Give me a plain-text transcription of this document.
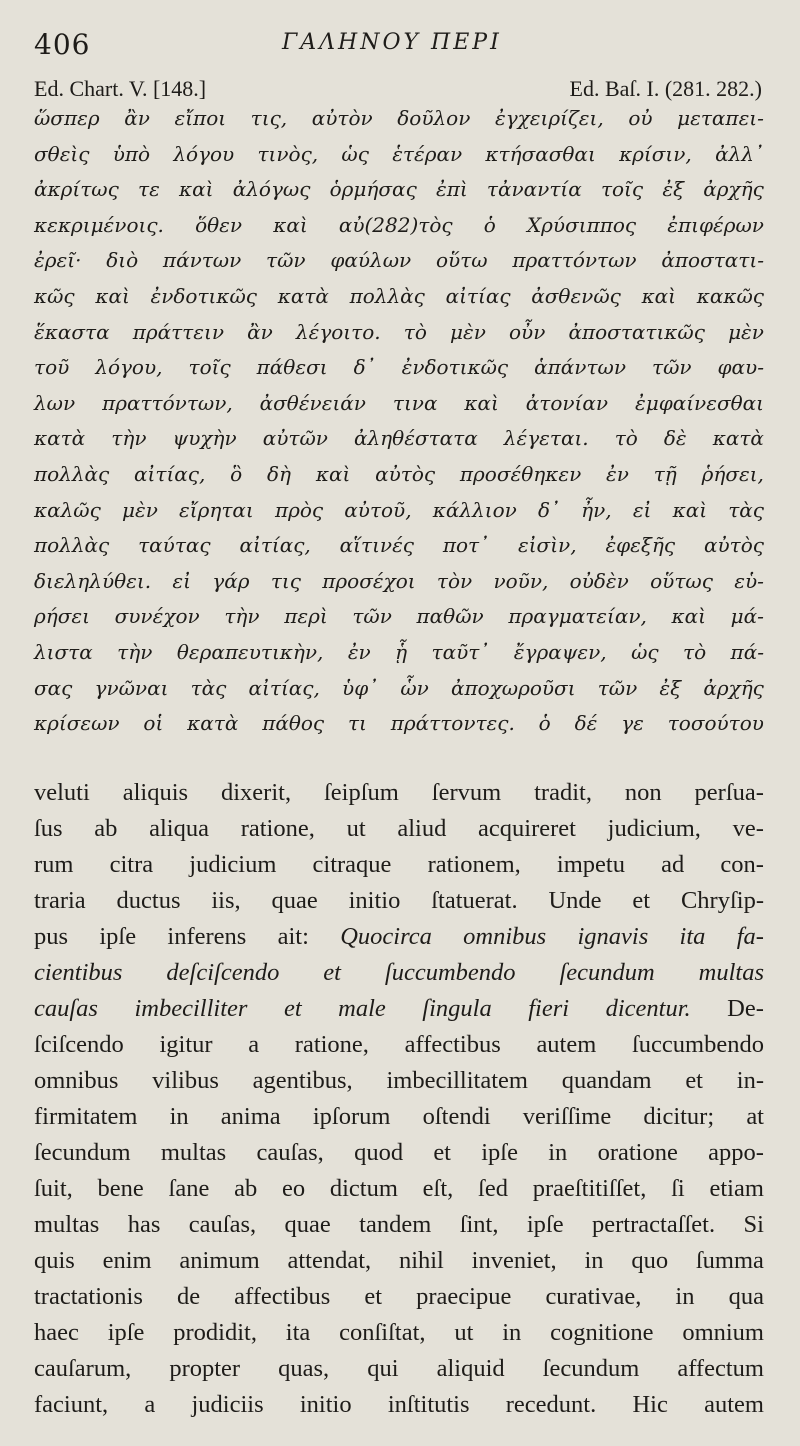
406	ΓΑΛΗΝΟΥ ΠΕΡΙ
Ed. Chart. V. [148.]	Ed. Baſ. I. (281. 282.)
ὥσπερ ἂν εἴποι τις, αὐτὸν δοῦλον ἐγχειρίζει, οὐ μεταπει-
σθεὶς ὑπὸ λόγου τινὸς, ὡς ἑτέραν κτήσασθαι κρίσιν, ἀλλ᾽
ἀκρίτως τε καὶ ἀλόγως ὁρμήσας ἐπὶ τἀναντία τοῖς ἐξ ἀρχῆς
κεκριμένοις. ὅθεν καὶ αὐ(282)τὸς ὁ Χρύσιππος ἐπιφέρων
ἐρεῖ· διὸ πάντων τῶν φαύλων οὕτω πραττόντων ἀποστατι-
κῶς καὶ ἐνδοτικῶς κατὰ πολλὰς αἰτίας ἀσθενῶς καὶ κακῶς
ἕκαστα πράττειν ἂν λέγοιτο. τὸ μὲν οὖν ἀποστατικῶς μὲν
τοῦ λόγου, τοῖς πάθεσι δ᾽ ἐνδοτικῶς ἁπάντων τῶν φαυ-
λων πραττόντων, ἀσθένειάν τινα καὶ ἀτονίαν ἐμφαίνεσθαι
κατὰ τὴν ψυχὴν αὐτῶν ἀληθέστατα λέγεται. τὸ δὲ κατὰ
πολλὰς αἰτίας, ὃ δὴ καὶ αὐτὸς προσέθηκεν ἐν τῇ ῥήσει,
καλῶς μὲν εἴρηται πρὸς αὐτοῦ, κάλλιον δ᾽ ἦν, εἰ καὶ τὰς
πολλὰς ταύτας αἰτίας, αἵτινές ποτ᾽ εἰσὶν, ἐφεξῆς αὐτὸς
διεληλύθει. εἰ γάρ τις προσέχοι τὸν νοῦν, οὐδὲν οὕτως εὑ-
ρήσει συνέχον τὴν περὶ τῶν παθῶν πραγματείαν, καὶ μά-
λιστα τὴν θεραπευτικὴν, ἐν ᾗ ταῦτ᾽ ἔγραψεν, ὡς τὸ πά-
σας γνῶναι τὰς αἰτίας, ὑφ᾽ ὧν ἀποχωροῦσι τῶν ἐξ ἀρχῆς
κρίσεων οἱ κατὰ πάθος τι πράττοντες. ὁ δέ γε τοσούτου
veluti aliquis dixerit, ſeipſum ſervum tradit, non perſua-
ſus ab aliqua ratione, ut aliud acquireret judicium, ve-
rum citra judicium citraque rationem, impetu ad con-
traria ductus iis, quae initio ſtatuerat. Unde et Chryſip-
pus ipſe inferens ait: Quocirca omnibus ignavis ita fa-
cientibus deſciſcendo et ſuccumbendo ſecundum multas
cauſas imbecilliter et male ſingula fieri dicentur. De-
ſciſcendo igitur a ratione, affectibus autem ſuccumbendo
omnibus vilibus agentibus, imbecillitatem quandam et in-
firmitatem in anima ipſorum oſtendi veriſſime dicitur; at
ſecundum multas cauſas, quod et ipſe in oratione appo-
ſuit, bene ſane ab eo dictum eſt, ſed praeſtitiſſet, ſi etiam
multas has cauſas, quae tandem ſint, ipſe pertractaſſet. Si
quis enim animum attendat, nihil inveniet, in quo ſumma
tractationis de affectibus et praecipue curativae, in qua
haec ipſe prodidit, ita conſiſtat, ut in cognitione omnium
cauſarum, propter quas, qui aliquid ſecundum affectum
faciunt, a judiciis initio inſtitutis recedunt. Hic autem
